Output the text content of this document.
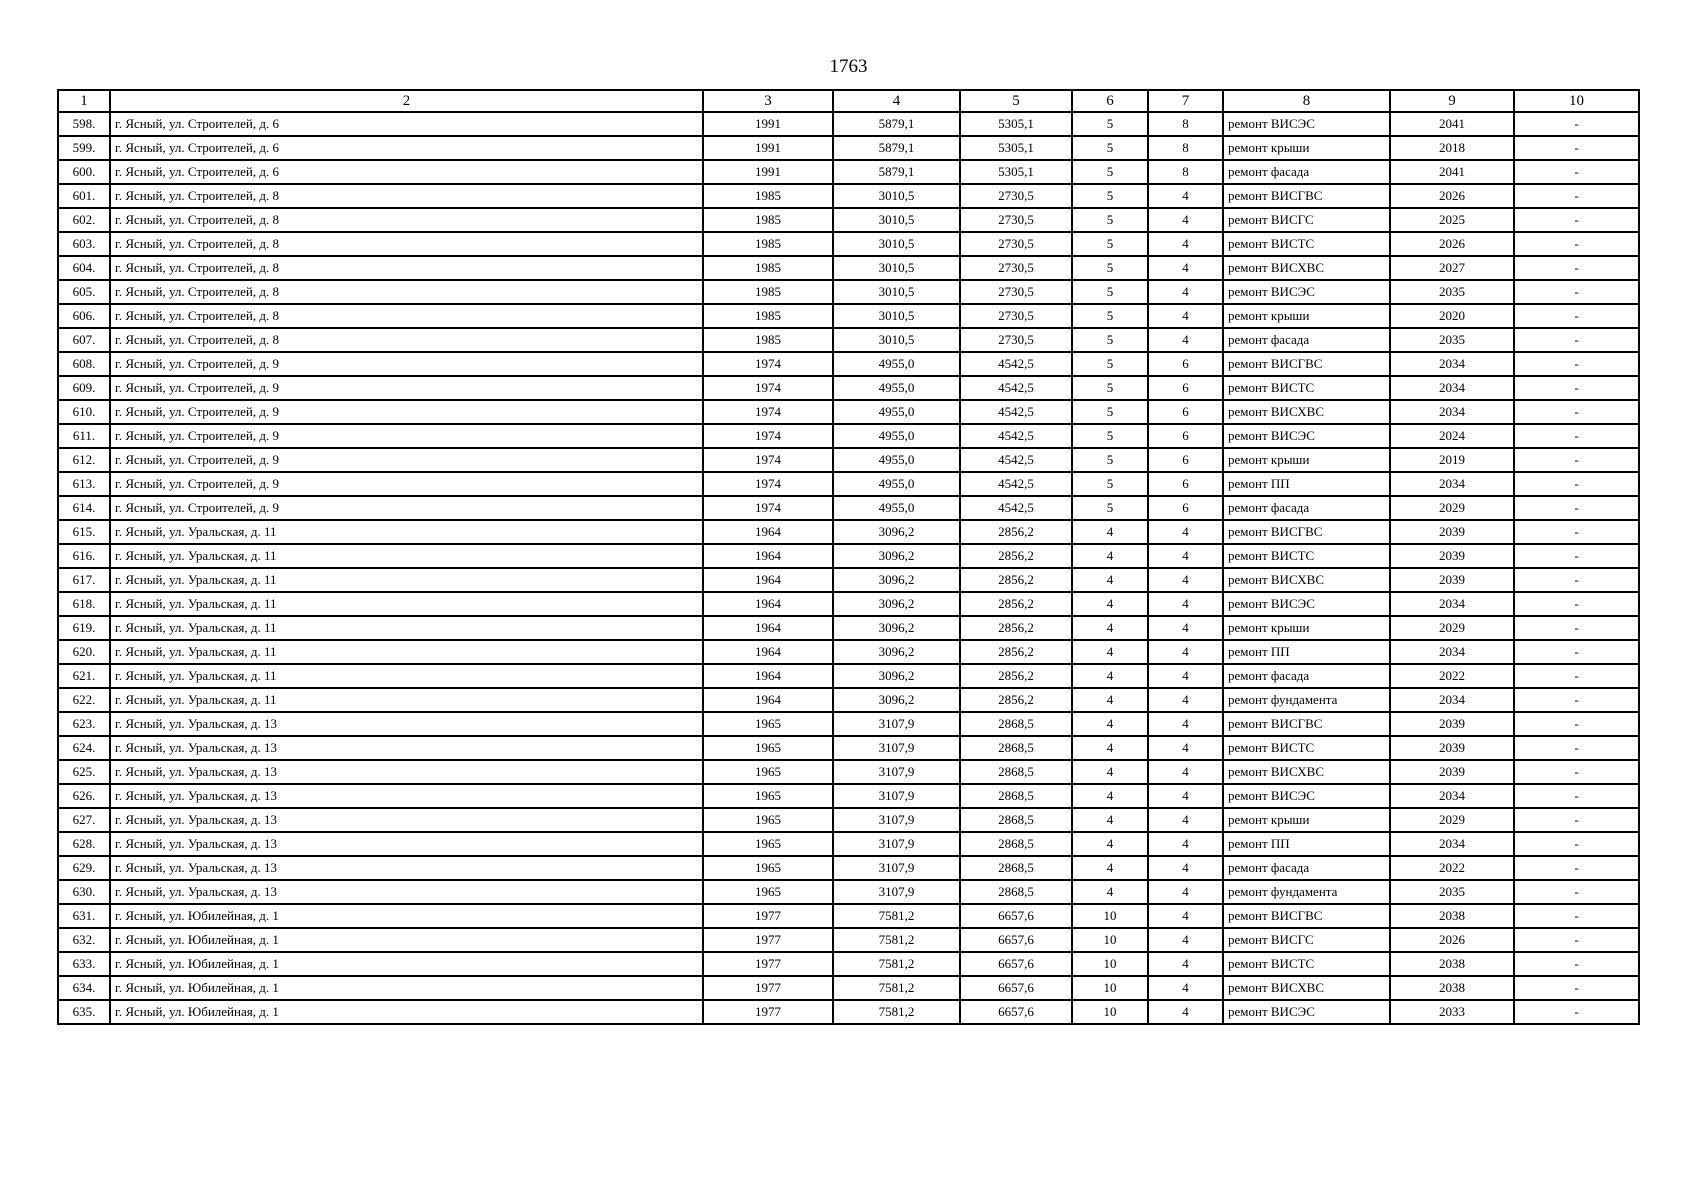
1763
1	2	3	4	5	6	7	8	9	10
598.	г. Ясный, ул. Строителей, д. 6	1991	5879,1	5305,1	5	8	ремонт ВИСЭС	2041	-
599.	г. Ясный, ул. Строителей, д. 6	1991	5879,1	5305,1	5	8	ремонт крыши	2018	-
600.	г. Ясный, ул. Строителей, д. 6	1991	5879,1	5305,1	5	8	ремонт фасада	2041	-
601.	г. Ясный, ул. Строителей, д. 8	1985	3010,5	2730,5	5	4	ремонт ВИСГВС	2026	-
602.	г. Ясный, ул. Строителей, д. 8	1985	3010,5	2730,5	5	4	ремонт ВИСГС	2025	-
603.	г. Ясный, ул. Строителей, д. 8	1985	3010,5	2730,5	5	4	ремонт ВИСТС	2026	-
604.	г. Ясный, ул. Строителей, д. 8	1985	3010,5	2730,5	5	4	ремонт ВИСХВС	2027	-
605.	г. Ясный, ул. Строителей, д. 8	1985	3010,5	2730,5	5	4	ремонт ВИСЭС	2035	-
606.	г. Ясный, ул. Строителей, д. 8	1985	3010,5	2730,5	5	4	ремонт крыши	2020	-
607.	г. Ясный, ул. Строителей, д. 8	1985	3010,5	2730,5	5	4	ремонт фасада	2035	-
608.	г. Ясный, ул. Строителей, д. 9	1974	4955,0	4542,5	5	6	ремонт ВИСГВС	2034	-
609.	г. Ясный, ул. Строителей, д. 9	1974	4955,0	4542,5	5	6	ремонт ВИСТС	2034	-
610.	г. Ясный, ул. Строителей, д. 9	1974	4955,0	4542,5	5	6	ремонт ВИСХВС	2034	-
611.	г. Ясный, ул. Строителей, д. 9	1974	4955,0	4542,5	5	6	ремонт ВИСЭС	2024	-
612.	г. Ясный, ул. Строителей, д. 9	1974	4955,0	4542,5	5	6	ремонт крыши	2019	-
613.	г. Ясный, ул. Строителей, д. 9	1974	4955,0	4542,5	5	6	ремонт ПП	2034	-
614.	г. Ясный, ул. Строителей, д. 9	1974	4955,0	4542,5	5	6	ремонт фасада	2029	-
615.	г. Ясный, ул. Уральская, д. 11	1964	3096,2	2856,2	4	4	ремонт ВИСГВС	2039	-
616.	г. Ясный, ул. Уральская, д. 11	1964	3096,2	2856,2	4	4	ремонт ВИСТС	2039	-
617.	г. Ясный, ул. Уральская, д. 11	1964	3096,2	2856,2	4	4	ремонт ВИСХВС	2039	-
618.	г. Ясный, ул. Уральская, д. 11	1964	3096,2	2856,2	4	4	ремонт ВИСЭС	2034	-
619.	г. Ясный, ул. Уральская, д. 11	1964	3096,2	2856,2	4	4	ремонт крыши	2029	-
620.	г. Ясный, ул. Уральская, д. 11	1964	3096,2	2856,2	4	4	ремонт ПП	2034	-
621.	г. Ясный, ул. Уральская, д. 11	1964	3096,2	2856,2	4	4	ремонт фасада	2022	-
622.	г. Ясный, ул. Уральская, д. 11	1964	3096,2	2856,2	4	4	ремонт фундамента	2034	-
623.	г. Ясный, ул. Уральская, д. 13	1965	3107,9	2868,5	4	4	ремонт ВИСГВС	2039	-
624.	г. Ясный, ул. Уральская, д. 13	1965	3107,9	2868,5	4	4	ремонт ВИСТС	2039	-
625.	г. Ясный, ул. Уральская, д. 13	1965	3107,9	2868,5	4	4	ремонт ВИСХВС	2039	-
626.	г. Ясный, ул. Уральская, д. 13	1965	3107,9	2868,5	4	4	ремонт ВИСЭС	2034	-
627.	г. Ясный, ул. Уральская, д. 13	1965	3107,9	2868,5	4	4	ремонт крыши	2029	-
628.	г. Ясный, ул. Уральская, д. 13	1965	3107,9	2868,5	4	4	ремонт ПП	2034	-
629.	г. Ясный, ул. Уральская, д. 13	1965	3107,9	2868,5	4	4	ремонт фасада	2022	-
630.	г. Ясный, ул. Уральская, д. 13	1965	3107,9	2868,5	4	4	ремонт фундамента	2035	-
631.	г. Ясный, ул. Юбилейная, д. 1	1977	7581,2	6657,6	10	4	ремонт ВИСГВС	2038	-
632.	г. Ясный, ул. Юбилейная, д. 1	1977	7581,2	6657,6	10	4	ремонт ВИСГС	2026	-
633.	г. Ясный, ул. Юбилейная, д. 1	1977	7581,2	6657,6	10	4	ремонт ВИСТС	2038	-
634.	г. Ясный, ул. Юбилейная, д. 1	1977	7581,2	6657,6	10	4	ремонт ВИСХВС	2038	-
635.	г. Ясный, ул. Юбилейная, д. 1	1977	7581,2	6657,6	10	4	ремонт ВИСЭС	2033	-
